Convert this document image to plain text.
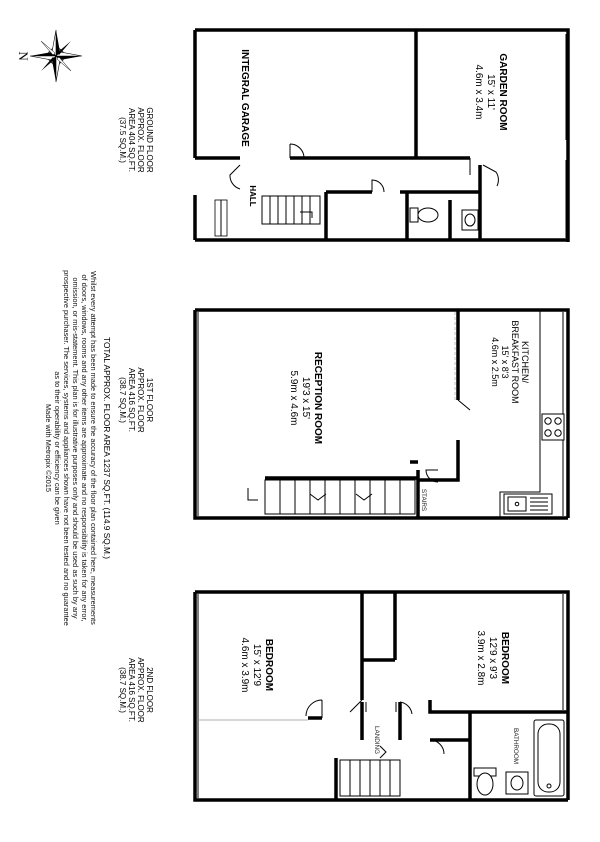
N	INTEGRAL GARAGE	GARDEN ROOM
15' x 11'
4.6m x 3.4m
HALL
GROUND FLOOR
APPROX. FLOOR
AREA 404 SQ.FT.
(37.5 SQ.M.)
RECEPTION ROOM
19'3 x 15'
5.9m x 4.6m
KITCHEN/
BREAKFAST ROOM
15' x 8'3
4.6m x 2.5m
STAIRS
1ST FLOOR
APPROX. FLOOR
AREA 416 SQ.FT.
(38.7 SQ.M.)
TOTAL APPROX. FLOOR AREA 1237 SQ.FT. (114.9 SQ.M.)
Whilst every attempt has been made to ensure the accuracy of the floor plan contained here, measurements
of doors, windows, rooms and any other items are approximate and no responsibility is taken for any error,
omission, or mis-statement. This plan is for illustrative purposes only and should be used as such by any
prospective purchaser. The services, systems and appliances shown have not been tested and no guarantee
as to their operability or efficiency can be given
Made with Metropix ©2015
BEDROOM
15' x 12'9
4.6m x 3.9m	BEDROOM
12'9 x 9'3
3.9m x 2.8m
BATHROOM
LANDING
2ND FLOOR
APPROX. FLOOR
AREA 416 SQ.FT.
(38.7 SQ.M.)
